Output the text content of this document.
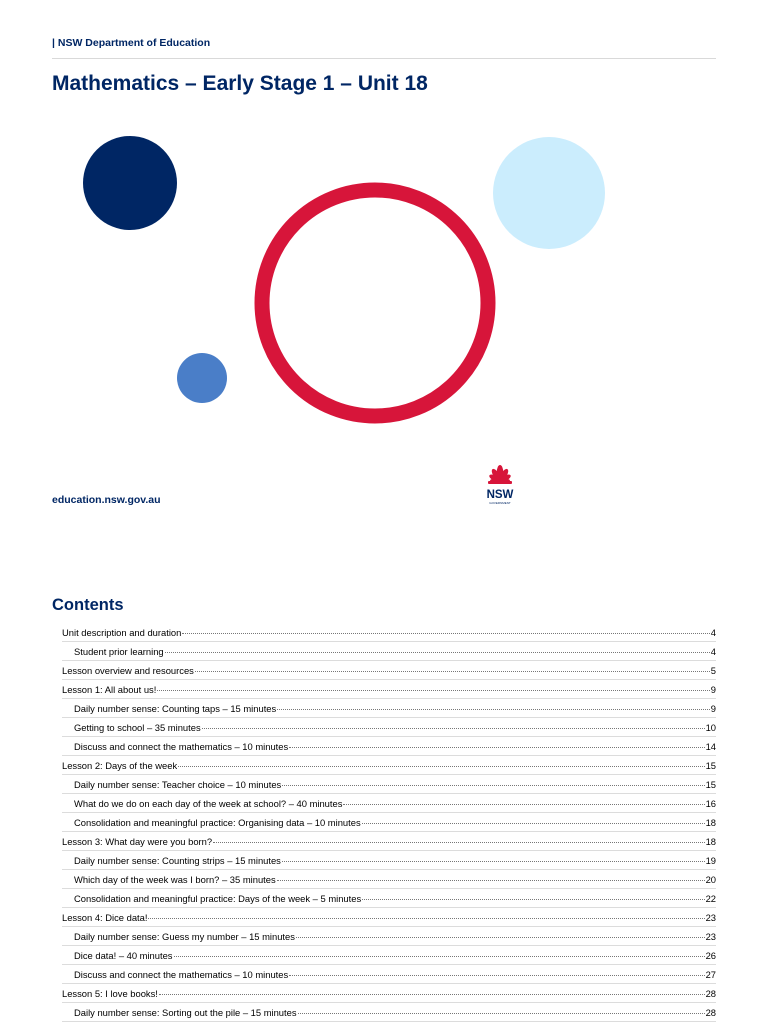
| NSW Department of Education
Mathematics – Early Stage 1 – Unit 18
education.nsw.gov.au	NSW
GOVERNMENT
Contents
Unit description and duration	4
Student prior learning	4
Lesson overview and resources	5
Lesson 1: All about us!	9
Daily number sense: Counting taps – 15 minutes	9
Getting to school – 35 minutes	10
Discuss and connect the mathematics – 10 minutes	14
Lesson 2: Days of the week	15
Daily number sense: Teacher choice – 10 minutes	15
What do we do on each day of the week at school? – 40 minutes	16
Consolidation and meaningful practice: Organising data – 10 minutes	18
Lesson 3: What day were you born?	18
Daily number sense: Counting strips – 15 minutes	19
Which day of the week was I born? – 35 minutes	20
Consolidation and meaningful practice: Days of the week – 5 minutes	22
Lesson 4: Dice data!	23
Daily number sense: Guess my number – 15 minutes	23
Dice data! – 40 minutes	26
Discuss and connect the mathematics – 10 minutes	27
Lesson 5: I love books!	28
Daily number sense: Sorting out the pile – 15 minutes	28
